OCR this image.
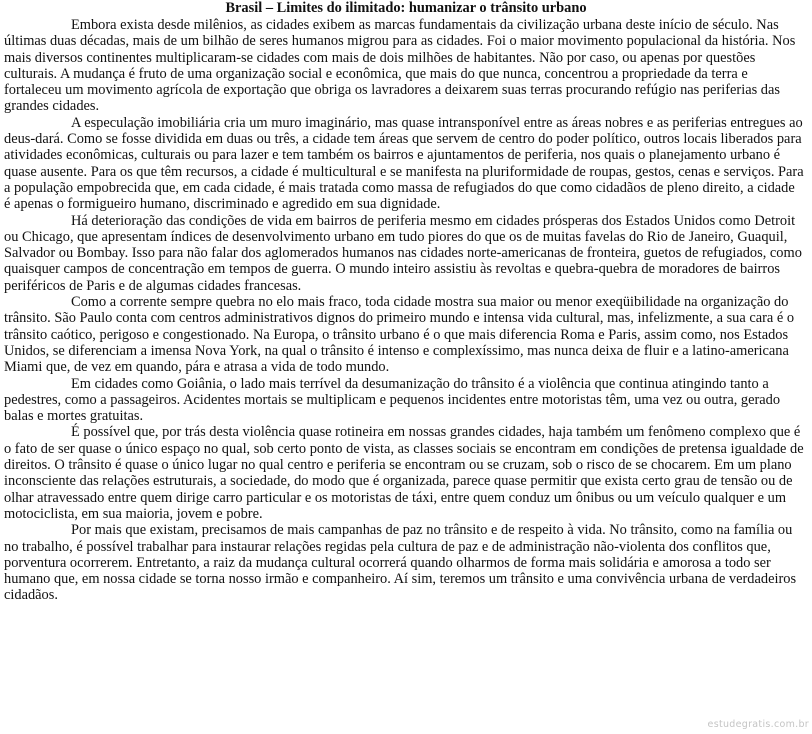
Brasil – Limites do ilimitado: humanizar o trânsito urbano

Embora exista desde milênios, as cidades exibem as marcas fundamentais da civilização urbana deste início de século. Nas últimas duas décadas, mais de um bilhão de seres humanos migrou para as cidades. Foi o maior movimento populacional da história. Nos mais diversos continentes multiplicaram-se cidades com mais de dois milhões de habitantes. Não por caso, ou apenas por questões culturais. A mudança é fruto de uma organização social e econômica, que mais do que nunca, concentrou a propriedade da terra e fortaleceu um movimento agrícola de exportação que obriga os lavradores a deixarem suas terras procurando refúgio nas periferias das grandes cidades.

A especulação imobiliária cria um muro imaginário, mas quase intransponível entre as áreas nobres e as periferias entregues ao deus-dará. Como se fosse dividida em duas ou três, a cidade tem áreas que servem de centro do poder político, outros locais liberados para atividades econômicas, culturais ou para lazer e tem também os bairros e ajuntamentos de periferia, nos quais o planejamento urbano é quase ausente. Para os que têm recursos, a cidade é multicultural e se manifesta na pluriformidade de roupas, gestos, cenas e serviços. Para a população empobrecida que, em cada cidade, é mais tratada como massa de refugiados do que como cidadãos de pleno direito, a cidade é apenas o formigueiro humano, discriminado e agredido em sua dignidade.

Há deterioração das condições de vida em bairros de periferia mesmo em cidades prósperas dos Estados Unidos como Detroit ou Chicago, que apresentam índices de desenvolvimento urbano em tudo piores do que os de muitas favelas do Rio de Janeiro, Guaquil, Salvador ou Bombay. Isso para não falar dos aglomerados humanos nas cidades norte-americanas de fronteira, guetos de refugiados, como quaisquer campos de concentração em tempos de guerra. O mundo inteiro assistiu às revoltas e quebra-quebra de moradores de bairros periféricos de Paris e de algumas cidades francesas.

Como a corrente sempre quebra no elo mais fraco, toda cidade mostra sua maior ou menor exeqüibilidade na organização do trânsito. São Paulo conta com centros administrativos dignos do primeiro mundo e intensa vida cultural, mas, infelizmente, a sua cara é o trânsito caótico, perigoso e congestionado. Na Europa, o trânsito urbano é o que mais diferencia Roma e Paris, assim como, nos Estados Unidos, se diferenciam a imensa Nova York, na qual o trânsito é intenso e complexíssimo, mas nunca deixa de fluir e a latino-americana Miami que, de vez em quando, pára e atrasa a vida de todo mundo.

Em cidades como Goiânia, o lado mais terrível da desumanização do trânsito é a violência que continua atingindo tanto a pedestres, como a passageiros. Acidentes mortais se multiplicam e pequenos incidentes entre motoristas têm, uma vez ou outra, gerado balas e mortes gratuitas.

É possível que, por trás desta violência quase rotineira em nossas grandes cidades, haja também um fenômeno complexo que é o fato de ser quase o único espaço no qual, sob certo ponto de vista, as classes sociais se encontram em condições de pretensa igualdade de direitos. O trânsito é quase o único lugar no qual centro e periferia se encontram ou se cruzam, sob o risco de se chocarem. Em um plano inconsciente das relações estruturais, a sociedade, do modo que é organizada, parece quase permitir que exista certo grau de tensão ou de olhar atravessado entre quem dirige carro particular e os motoristas de táxi, entre quem conduz um ônibus ou um veículo qualquer e um motociclista, em sua maioria, jovem e pobre.

Por mais que existam, precisamos de mais campanhas de paz no trânsito e de respeito à vida. No trânsito, como na família ou no trabalho, é possível trabalhar para instaurar relações regidas pela cultura de paz e de administração não-violenta dos conflitos que, porventura ocorrerem. Entretanto, a raiz da mudança cultural ocorrerá quando olharmos de forma mais solidária e amorosa a todo ser humano que, em nossa cidade se torna nosso irmão e companheiro. Aí sim, teremos um trânsito e uma convivência urbana de verdadeiros cidadãos.

estudegratis.com.br
